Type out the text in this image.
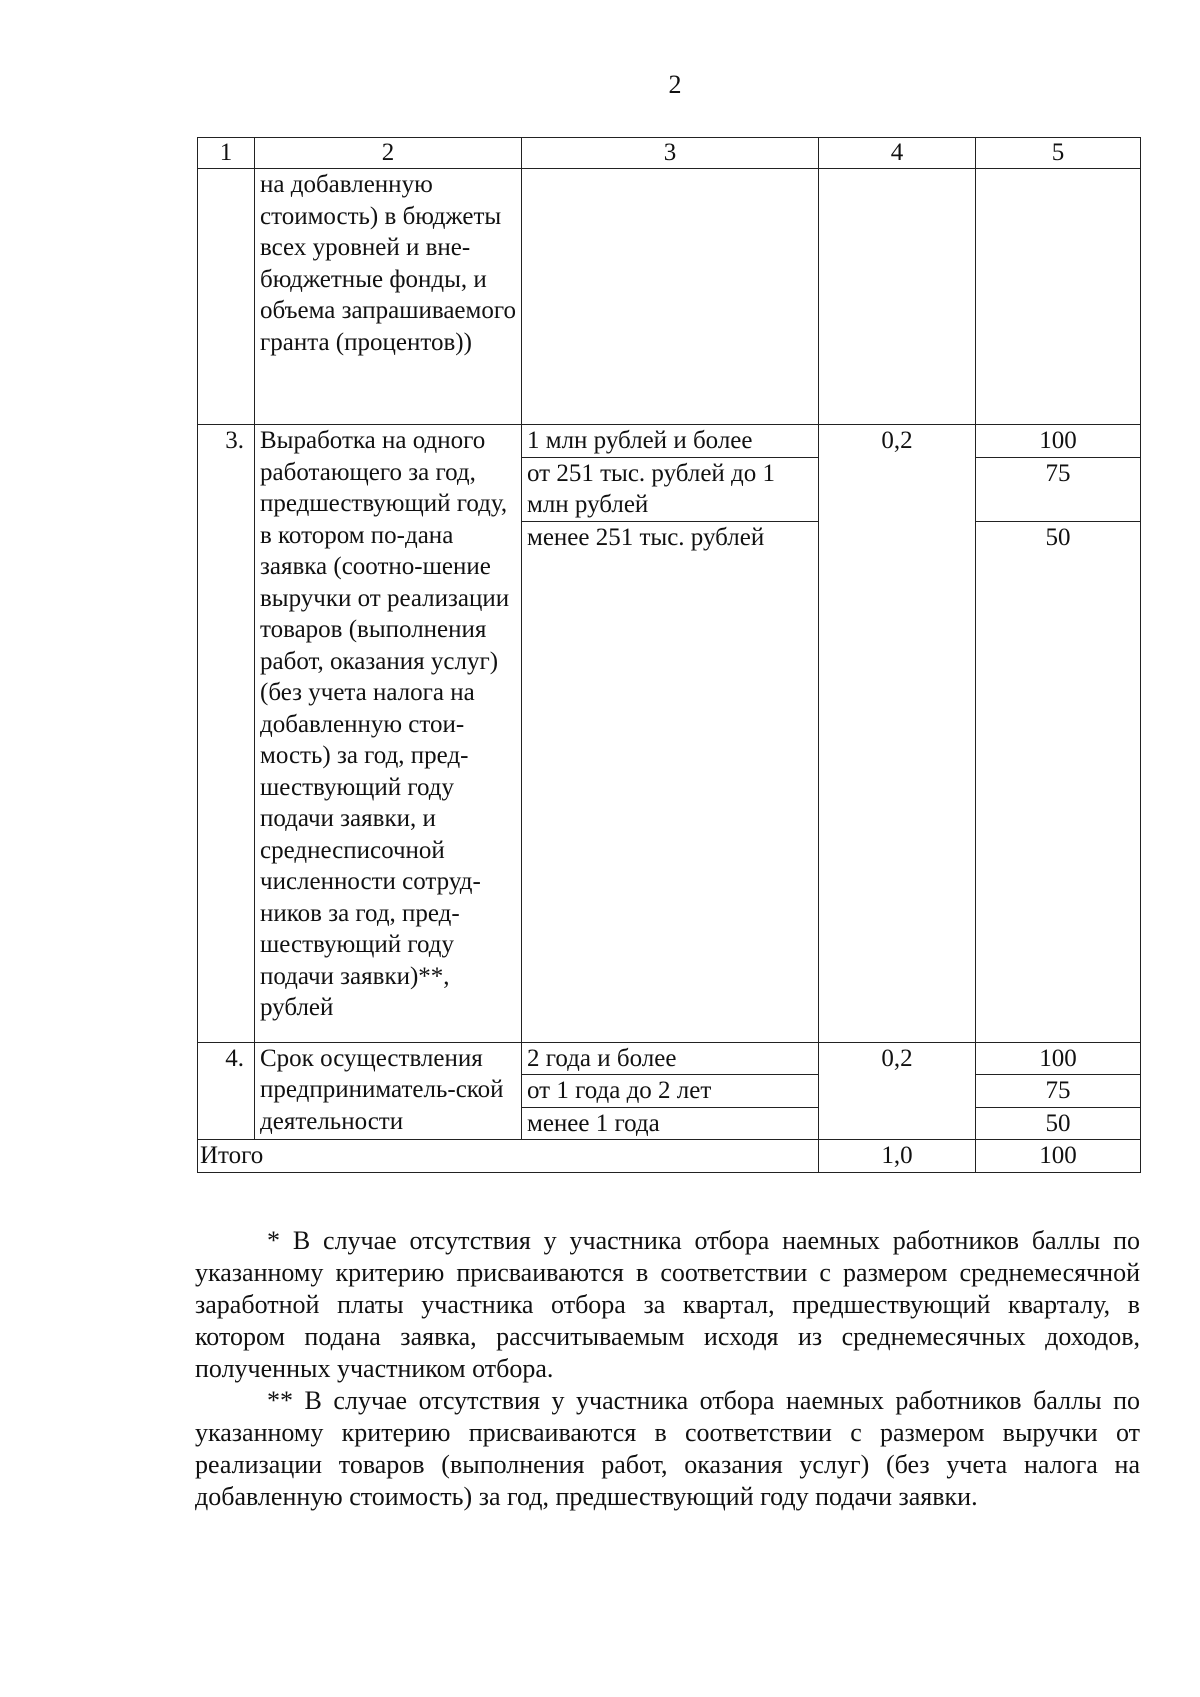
2
1	2	3	4	5
	на добавленную стоимость) в бюджеты всех уровней и вне-бюджетные фонды, и объема запрашиваемого гранта (процентов))			
3.	Выработка на одного работающего за год, предшествующий году, в котором по-дана заявка (соотно-шение выручки от реализации товаров (выполнения работ, оказания услуг) (без учета налога на добавленную стои-мость) за год, пред-шествующий году подачи заявки, и среднесписочной численности сотруд-ников за год, пред-шествующий году подачи заявки)**, рублей	1 млн рублей и более	0,2	100
		от 251 тыс. рублей до 1 млн рублей		75
		менее 251 тыс. рублей		50
4.	Срок осуществления предприниматель-ской деятельности	2 года и более	0,2	100
		от 1 года до 2 лет		75
		менее 1 года		50
Итого			1,0	100

* В случае отсутствия у участника отбора наемных работников баллы по указанному критерию присваиваются в соответствии с размером среднемесячной заработной платы участника отбора за квартал, предшествующий кварталу, в котором подана заявка, рассчитываемым исходя из среднемесячных доходов, полученных участником отбора.

** В случае отсутствия у участника отбора наемных работников баллы по указанному критерию присваиваются в соответствии с размером выручки от реализации товаров (выполнения работ, оказания услуг) (без учета налога на добавленную стоимость) за год, предшествующий году подачи заявки.
